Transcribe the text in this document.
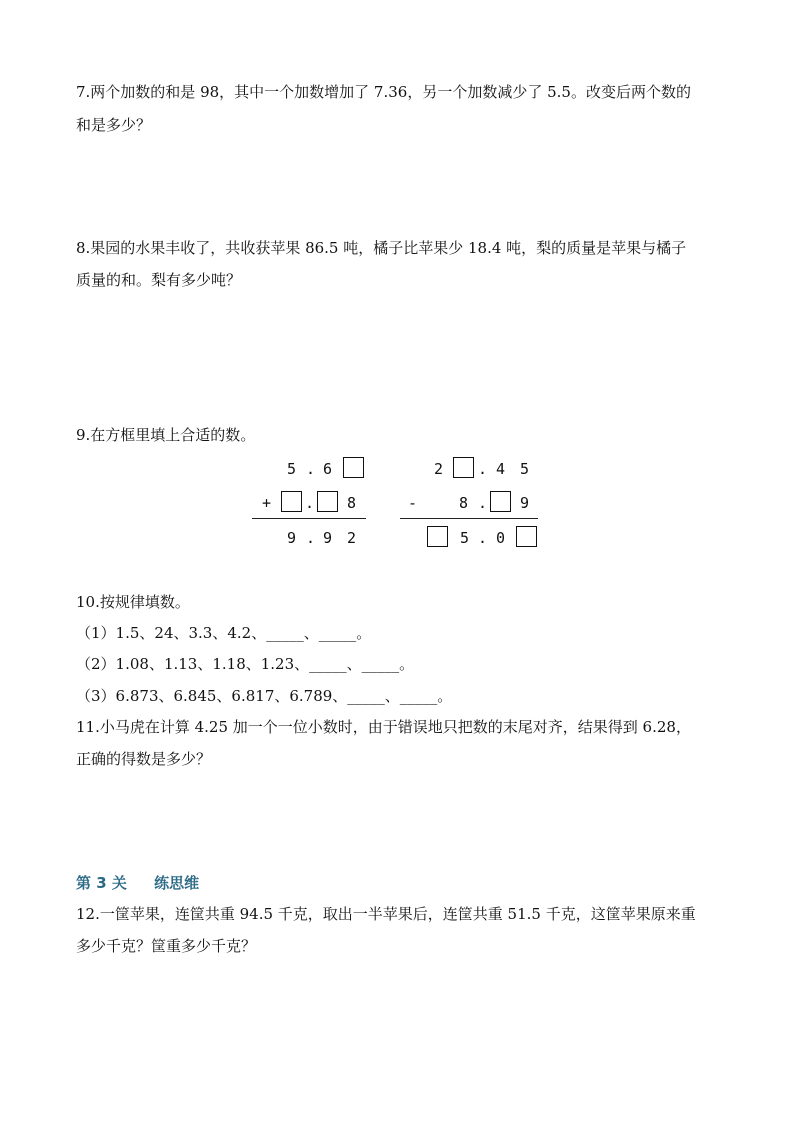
7.两个加数的和是 98，其中一个加数增加了 7.36，另一个加数减少了 5.5。改变后两个数的
和是多少？
8.果园的水果丰收了，共收获苹果 86.5 吨，橘子比苹果少 18.4 吨，梨的质量是苹果与橘子
质量的和。梨有多少吨？
9.在方框里填上合适的数。
5 . 6
+ . 8
9 . 9 2
2 . 4 5
-	8 . 9
5 . 0
10.按规律填数。
（1）1.5、24、3.3、4.2、_____、_____。
（2）1.08、1.13、1.18、1.23、_____、_____。
（3）6.873、6.845、6.817、6.789、_____、_____。
11.小马虎在计算 4.25 加一个一位小数时，由于错误地只把数的末尾对齐，结果得到 6.28，
正确的得数是多少？
第 3 关 练思维
12.一筐苹果，连筐共重 94.5 千克，取出一半苹果后，连筐共重 51.5 千克，这筐苹果原来重
多少千克？筐重多少千克？
